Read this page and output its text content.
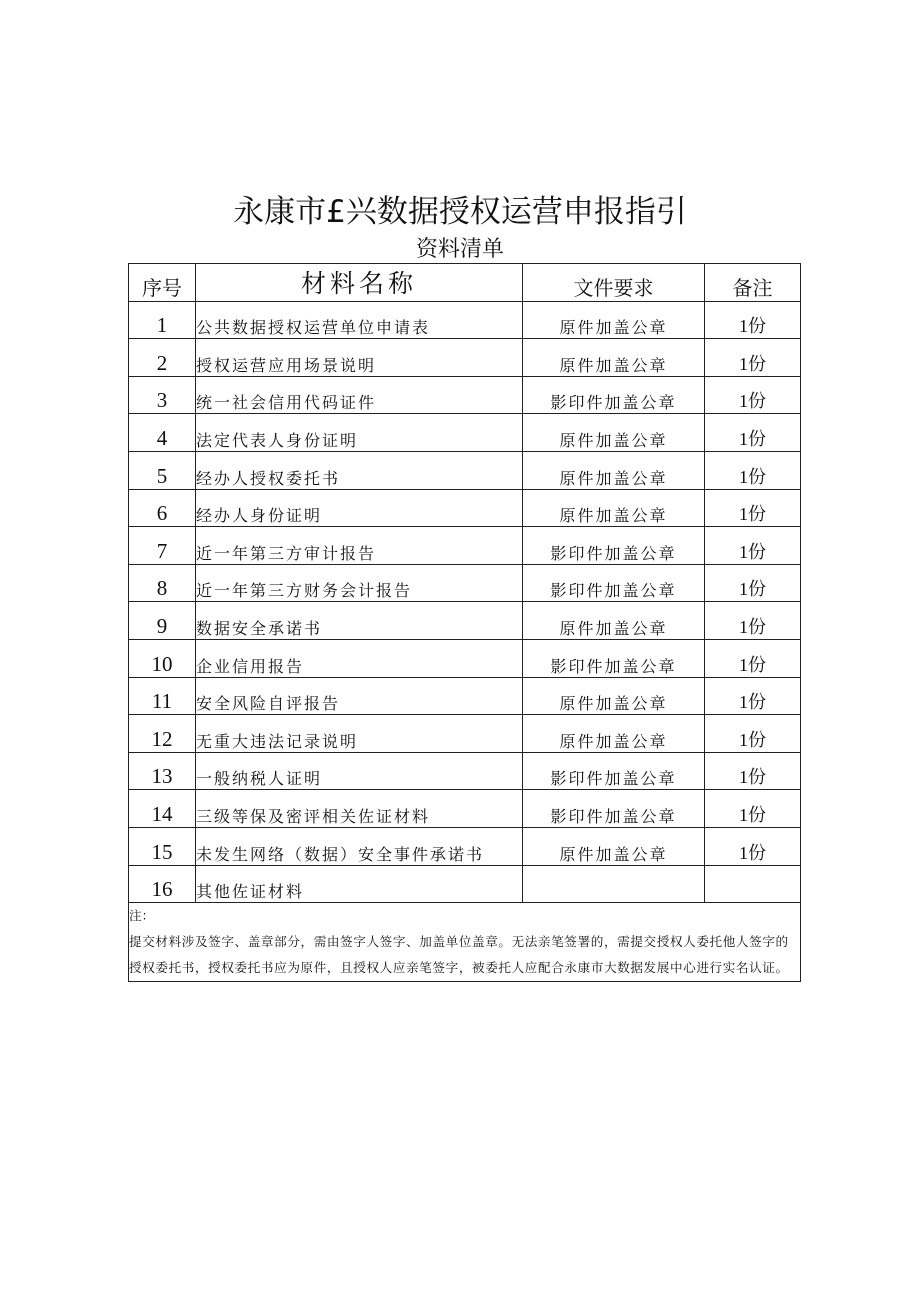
永康市£兴数据授权运营申报指引
资料清单
序号	材料名称	文件要求	备注
1	公共数据授权运营单位申请表	原件加盖公章	1份
2	授权运营应用场景说明	原件加盖公章	1份
3	统一社会信用代码证件	影印件加盖公章	1份
4	法定代表人身份证明	原件加盖公章	1份
5	经办人授权委托书	原件加盖公章	1份
6	经办人身份证明	原件加盖公章	1份
7	近一年第三方审计报告	影印件加盖公章	1份
8	近一年第三方财务会计报告	影印件加盖公章	1份
9	数据安全承诺书	原件加盖公章	1份
10	企业信用报告	影印件加盖公章	1份
11	安全风险自评报告	原件加盖公章	1份
12	无重大违法记录说明	原件加盖公章	1份
13	一般纳税人证明	影印件加盖公章	1份
14	三级等保及密评相关佐证材料	影印件加盖公章	1份
15	未发生网络（数据）安全事件承诺书	原件加盖公章	1份
16	其他佐证材料		

注：
提交材料涉及签字、盖章部分，需由签字人签字、加盖单位盖章。无法亲笔签署的，需提交授权人委托他人签字的授权委托书，授权委托书应为原件，且授权人应亲笔签字，被委托人应配合永康市大数据发展中心进行实名认证。			
